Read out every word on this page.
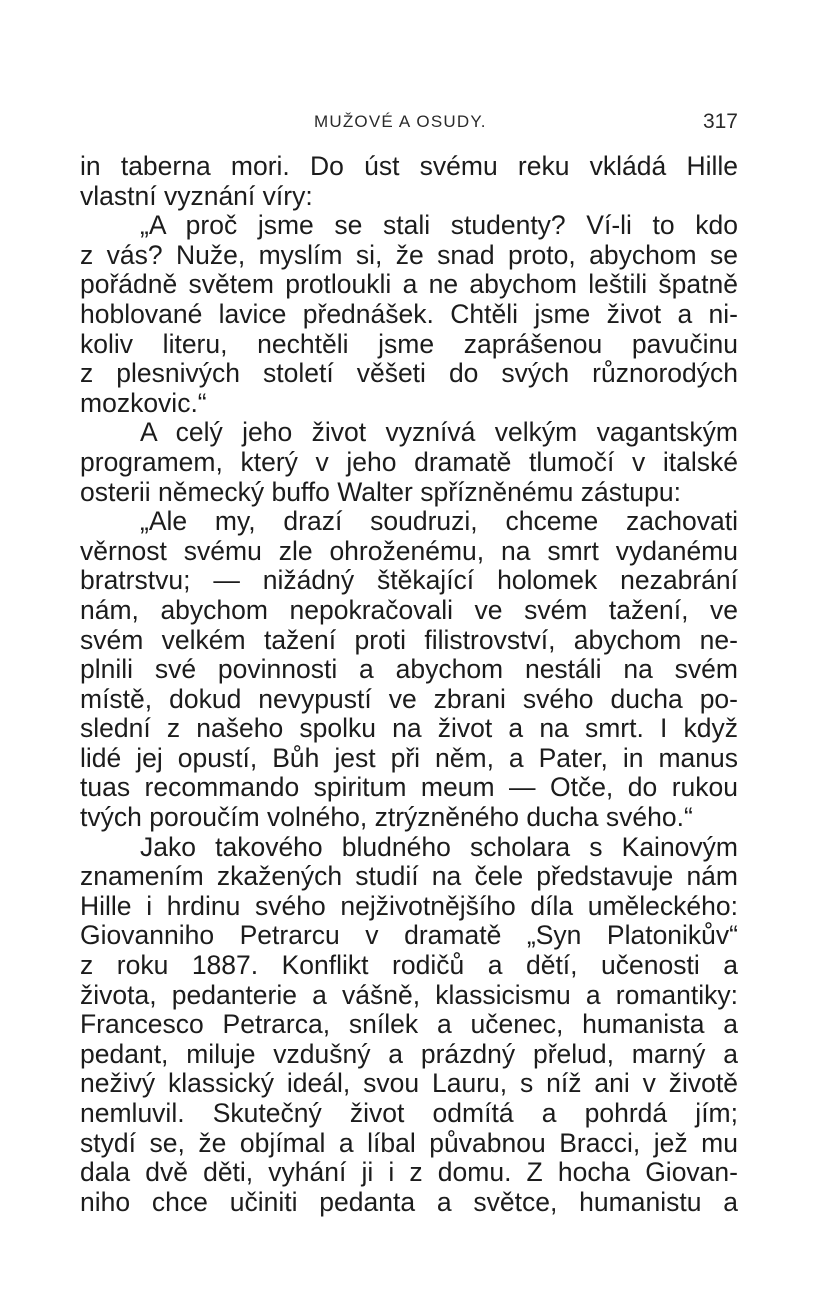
MUŽOVÉ A OSUDY.	317
in taberna mori. Do úst svému reku vkládá Hille
vlastní vyznání víry:
„A proč jsme se stali studenty? Ví-li to kdo
z vás? Nuže, myslím si, že snad proto, abychom se
pořádně světem protloukli a ne abychom leštili špatně
hoblované lavice přednášek. Chtěli jsme život a ni-
koliv literu, nechtěli jsme zaprášenou pavučinu
z plesnivých století věšeti do svých různorodých
mozkovic.“
A celý jeho život vyznívá velkým vagantským
programem, který v jeho dramatě tlumočí v italské
osterii německý buffo Walter spřízněnému zástupu:
„Ale my, drazí soudruzi, chceme zachovati
věrnost svému zle ohroženému, na smrt vydanému
bratrstvu; — nižádný štěkající holomek nezabrání
nám, abychom nepokračovali ve svém tažení, ve
svém velkém tažení proti filistrovství, abychom ne-
plnili své povinnosti a abychom nestáli na svém
místě, dokud nevypustí ve zbrani svého ducha po-
slední z našeho spolku na život a na smrt. I když
lidé jej opustí, Bůh jest při něm, a Pater, in manus
tuas recommando spiritum meum — Otče, do rukou
tvých poroučím volného, ztrýzněného ducha svého.“
Jako takového bludného scholara s Kainovým
znamením zkažených studií na čele představuje nám
Hille i hrdinu svého nejživotnějšího díla uměleckého:
Giovanniho Petrarcu v dramatě „Syn Platonikův“
z roku 1887. Konflikt rodičů a dětí, učenosti a
života, pedanterie a vášně, klassicismu a romantiky:
Francesco Petrarca, snílek a učenec, humanista a
pedant, miluje vzdušný a prázdný přelud, marný a
neživý klassický ideál, svou Lauru, s níž ani v životě
nemluvil. Skutečný život odmítá a pohrdá jím;
stydí se, že objímal a líbal půvabnou Bracci, jež mu
dala dvě děti, vyhání ji i z domu. Z hocha Giovan-
niho chce učiniti pedanta a světce, humanistu a
